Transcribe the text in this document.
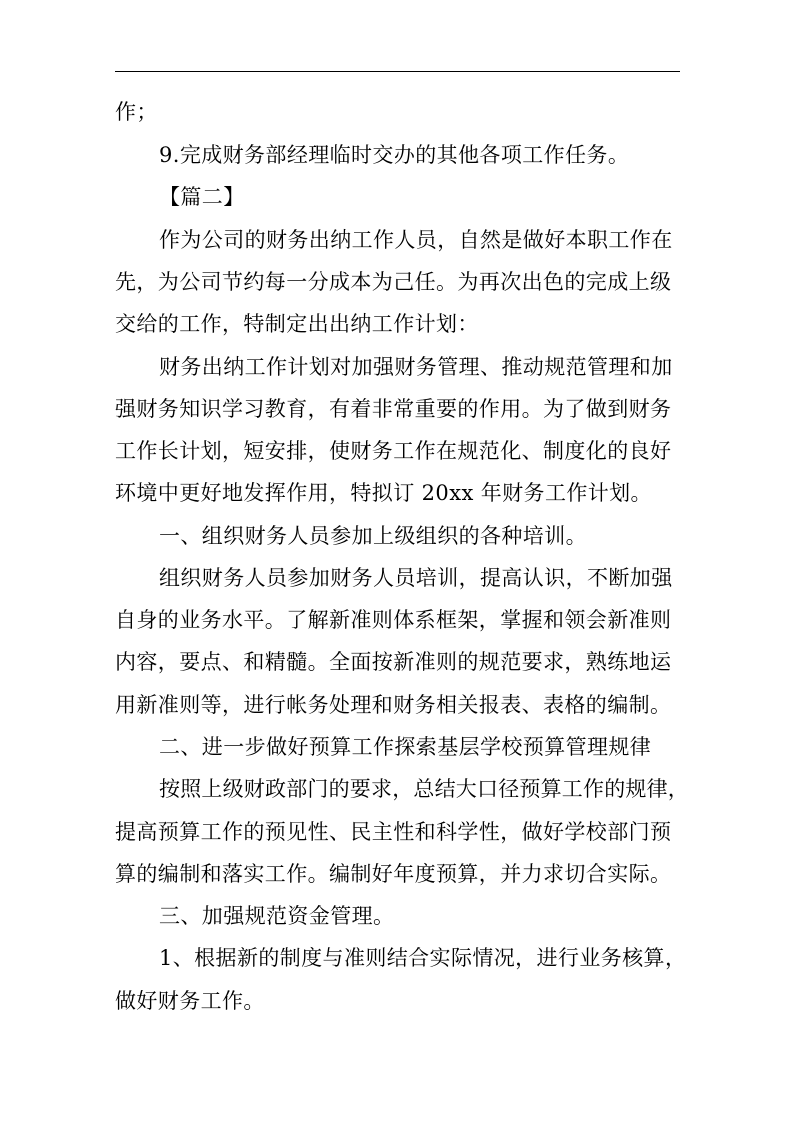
作；
9.完成财务部经理临时交办的其他各项工作任务。
【篇二】
作为公司的财务出纳工作人员，自然是做好本职工作在
先，为公司节约每一分成本为己任。为再次出色的完成上级
交给的工作，特制定出出纳工作计划：
财务出纳工作计划对加强财务管理、推动规范管理和加
强财务知识学习教育，有着非常重要的作用。为了做到财务
工作长计划，短安排，使财务工作在规范化、制度化的良好
环境中更好地发挥作用，特拟订 20xx 年财务工作计划。
一、组织财务人员参加上级组织的各种培训。
组织财务人员参加财务人员培训，提高认识，不断加强
自身的业务水平。了解新准则体系框架，掌握和领会新准则
内容，要点、和精髓。全面按新准则的规范要求，熟练地运
用新准则等，进行帐务处理和财务相关报表、表格的编制。
二、进一步做好预算工作探索基层学校预算管理规律
按照上级财政部门的要求，总结大口径预算工作的规律，
提高预算工作的预见性、民主性和科学性，做好学校部门预
算的编制和落实工作。编制好年度预算，并力求切合实际。
三、加强规范资金管理。
1、根据新的制度与准则结合实际情况，进行业务核算，
做好财务工作。
